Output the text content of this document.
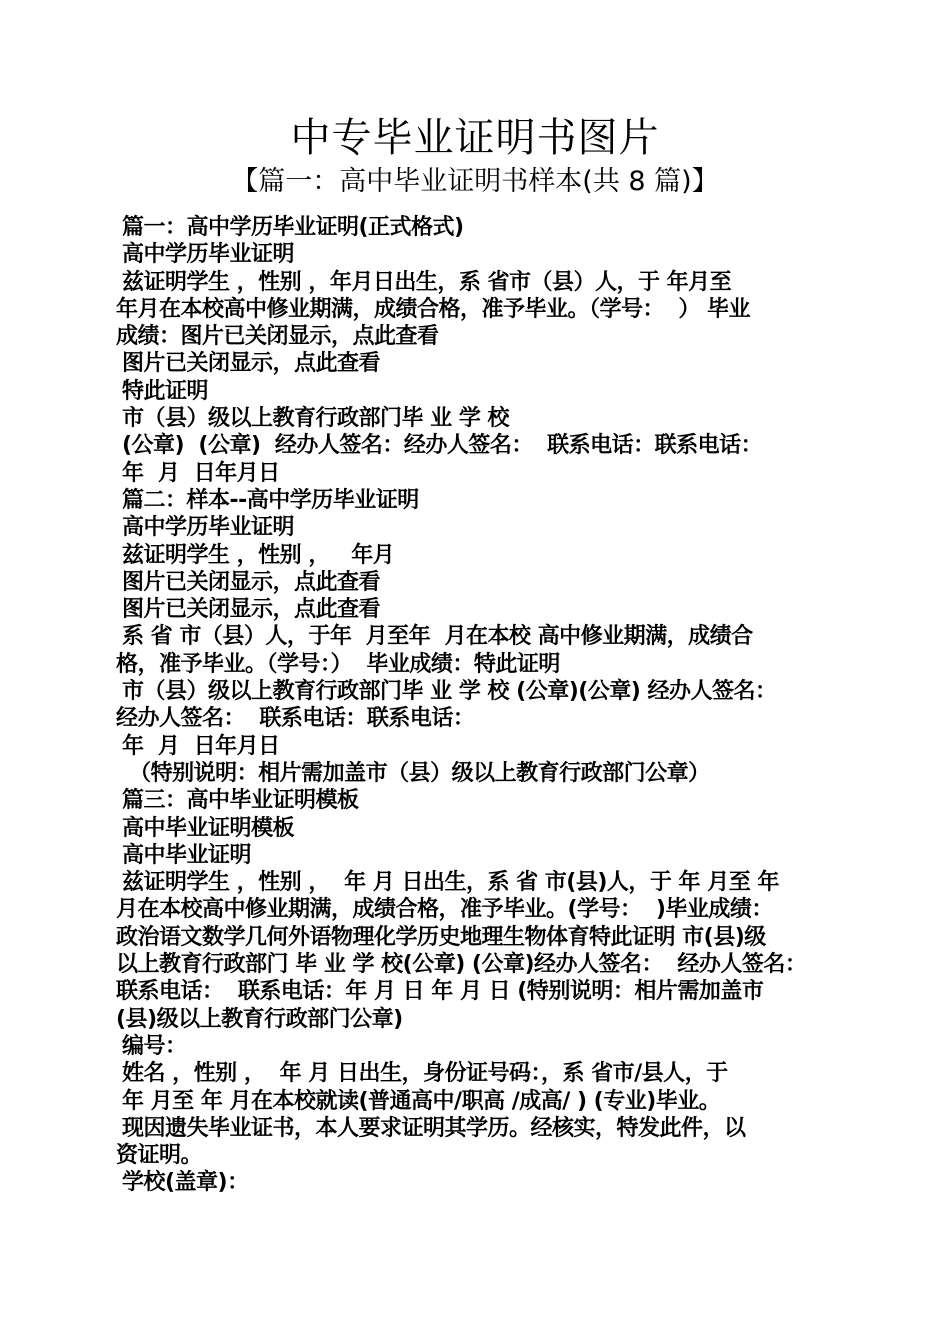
中专毕业证明书图片
【篇一：高中毕业证明书样本(共 8 篇)】
篇一：高中学历毕业证明(正式格式)
高中学历毕业证明
兹证明学生 ，性别 ，年月日出生，系 省市（县）人，于 年月至
年月在本校高中修业期满，成绩合格，准予毕业。（学号：  ） 毕业
成绩：图片已关闭显示，点此查看
图片已关闭显示，点此查看
特此证明
市（县）级以上教育行政部门毕 业 学 校
(公章)  (公章)  经办人签名：经办人签名：  联系电话：联系电话：
年  月  日年月日
篇二：样本--高中学历毕业证明
高中学历毕业证明
兹证明学生 ，性别 ，   年月
图片已关闭显示，点此查看
图片已关闭显示，点此查看
系 省 市（县）人，于年  月至年  月在本校 高中修业期满，成绩合
格，准予毕业。（学号：）  毕业成绩：特此证明
市（县）级以上教育行政部门毕 业 学 校 (公章)(公章) 经办人签名：
经办人签名：  联系电话：联系电话：
年  月  日年月日
（特别说明：相片需加盖市（县）级以上教育行政部门公章）
篇三：高中毕业证明模板
高中毕业证明模板
高中毕业证明
兹证明学生 ，性别 ，  年 月 日出生，系 省 市(县)人，于 年 月至 年
月在本校高中修业期满，成绩合格，准予毕业。(学号：  )毕业成绩：
政治语文数学几何外语物理化学历史地理生物体育特此证明 市(县)级
以上教育行政部门 毕 业 学 校(公章) (公章)经办人签名：  经办人签名：
联系电话：  联系电话：年 月 日 年 月 日 (特别说明：相片需加盖市
(县)级以上教育行政部门公章)
编号：
姓名 ，性别 ，  年 月 日出生，身份证号码：，系 省市/县人，于
年 月至 年 月在本校就读(普通高中/职高 /成高/ ) (专业)毕业。
现因遗失毕业证书，本人要求证明其学历。经核实，特发此件，以
资证明。
学校(盖章)：
